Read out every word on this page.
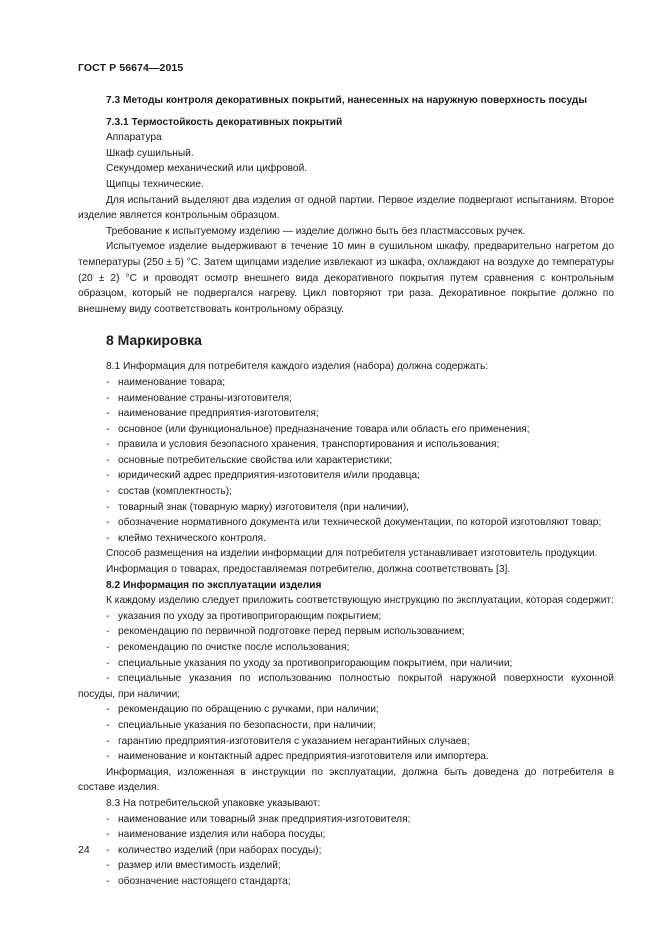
ГОСТ Р 56674—2015

7.3 Методы контроля декоративных покрытий, нанесенных на наружную поверхность посуды

7.3.1 Термостойкость декоративных покрытий

Аппаратура

Шкаф сушильный.

Секундомер механический или цифровой.

Щипцы технические.

Для испытаний выделяют два изделия от одной партии. Первое изделие подвергают испытаниям. Второе изделие является контрольным образцом.

Требование к испытуемому изделию — изделие должно быть без пластмассовых ручек.

Испытуемое изделие выдерживают в течение 10 мин в сушильном шкафу, предварительно нагретом до температуры (250 ± 5) °С. Затем щипцами изделие извлекают из шкафа, охлаждают на воздухе до температуры (20 ± 2) °С и проводят осмотр внешнего вида декоративного покрытия путем сравнения с контрольным образцом, который не подвергался нагреву. Цикл повторяют три раза. Декоративное покрытие должно по внешнему виду соответствовать контрольному образцу.

8 Маркировка

8.1 Информация для потребителя каждого изделия (набора) должна содержать:

- наименование товара;

- наименование страны-изготовителя;

- наименование предприятия-изготовителя;

- основное (или функциональное) предназначение товара или область его применения;

- правила и условия безопасного хранения, транспортирования и использования;

- основные потребительские свойства или характеристики;

- юридический адрес предприятия-изготовителя и/или продавца;

- состав (комплектность);

- товарный знак (товарную марку) изготовителя (при наличии),

- обозначение нормативного документа или технической документации, по которой изготовляют товар;

- клеймо технического контроля.

Способ размещения на изделии информации для потребителя устанавливает изготовитель продукции.

Информация о товарах, предоставляемая потребителю, должна соответствовать [3].

8.2 Информация по эксплуатации изделия

К каждому изделию следует приложить соответствующую инструкцию по эксплуатации, которая содержит:

- указания по уходу за противопригорающим покрытием;

- рекомендацию по первичной подготовке перед первым использованием;

- рекомендацию по очистке после использования;

- специальные указания по уходу за противопригорающим покрытием, при наличии;

- специальные указания по использованию полностью покрытой наружной поверхности кухонной посуды, при наличии;

- рекомендацию по обращению с ручками, при наличии;

- специальные указания по безопасности, при наличии;

- гарантию предприятия-изготовителя с указанием негарантийных случаев;

- наименование и контактный адрес предприятия-изготовителя или импортера.

Информация, изложенная в инструкции по эксплуатации, должна быть доведена до потребителя в составе изделия.

8.3 На потребительской упаковке указывают:

- наименование или товарный знак предприятия-изготовителя;

- наименование изделия или набора посуды;

- количество изделий (при наборах посуды);

- размер или вместимость изделий;

- обозначение настоящего стандарта;

24
